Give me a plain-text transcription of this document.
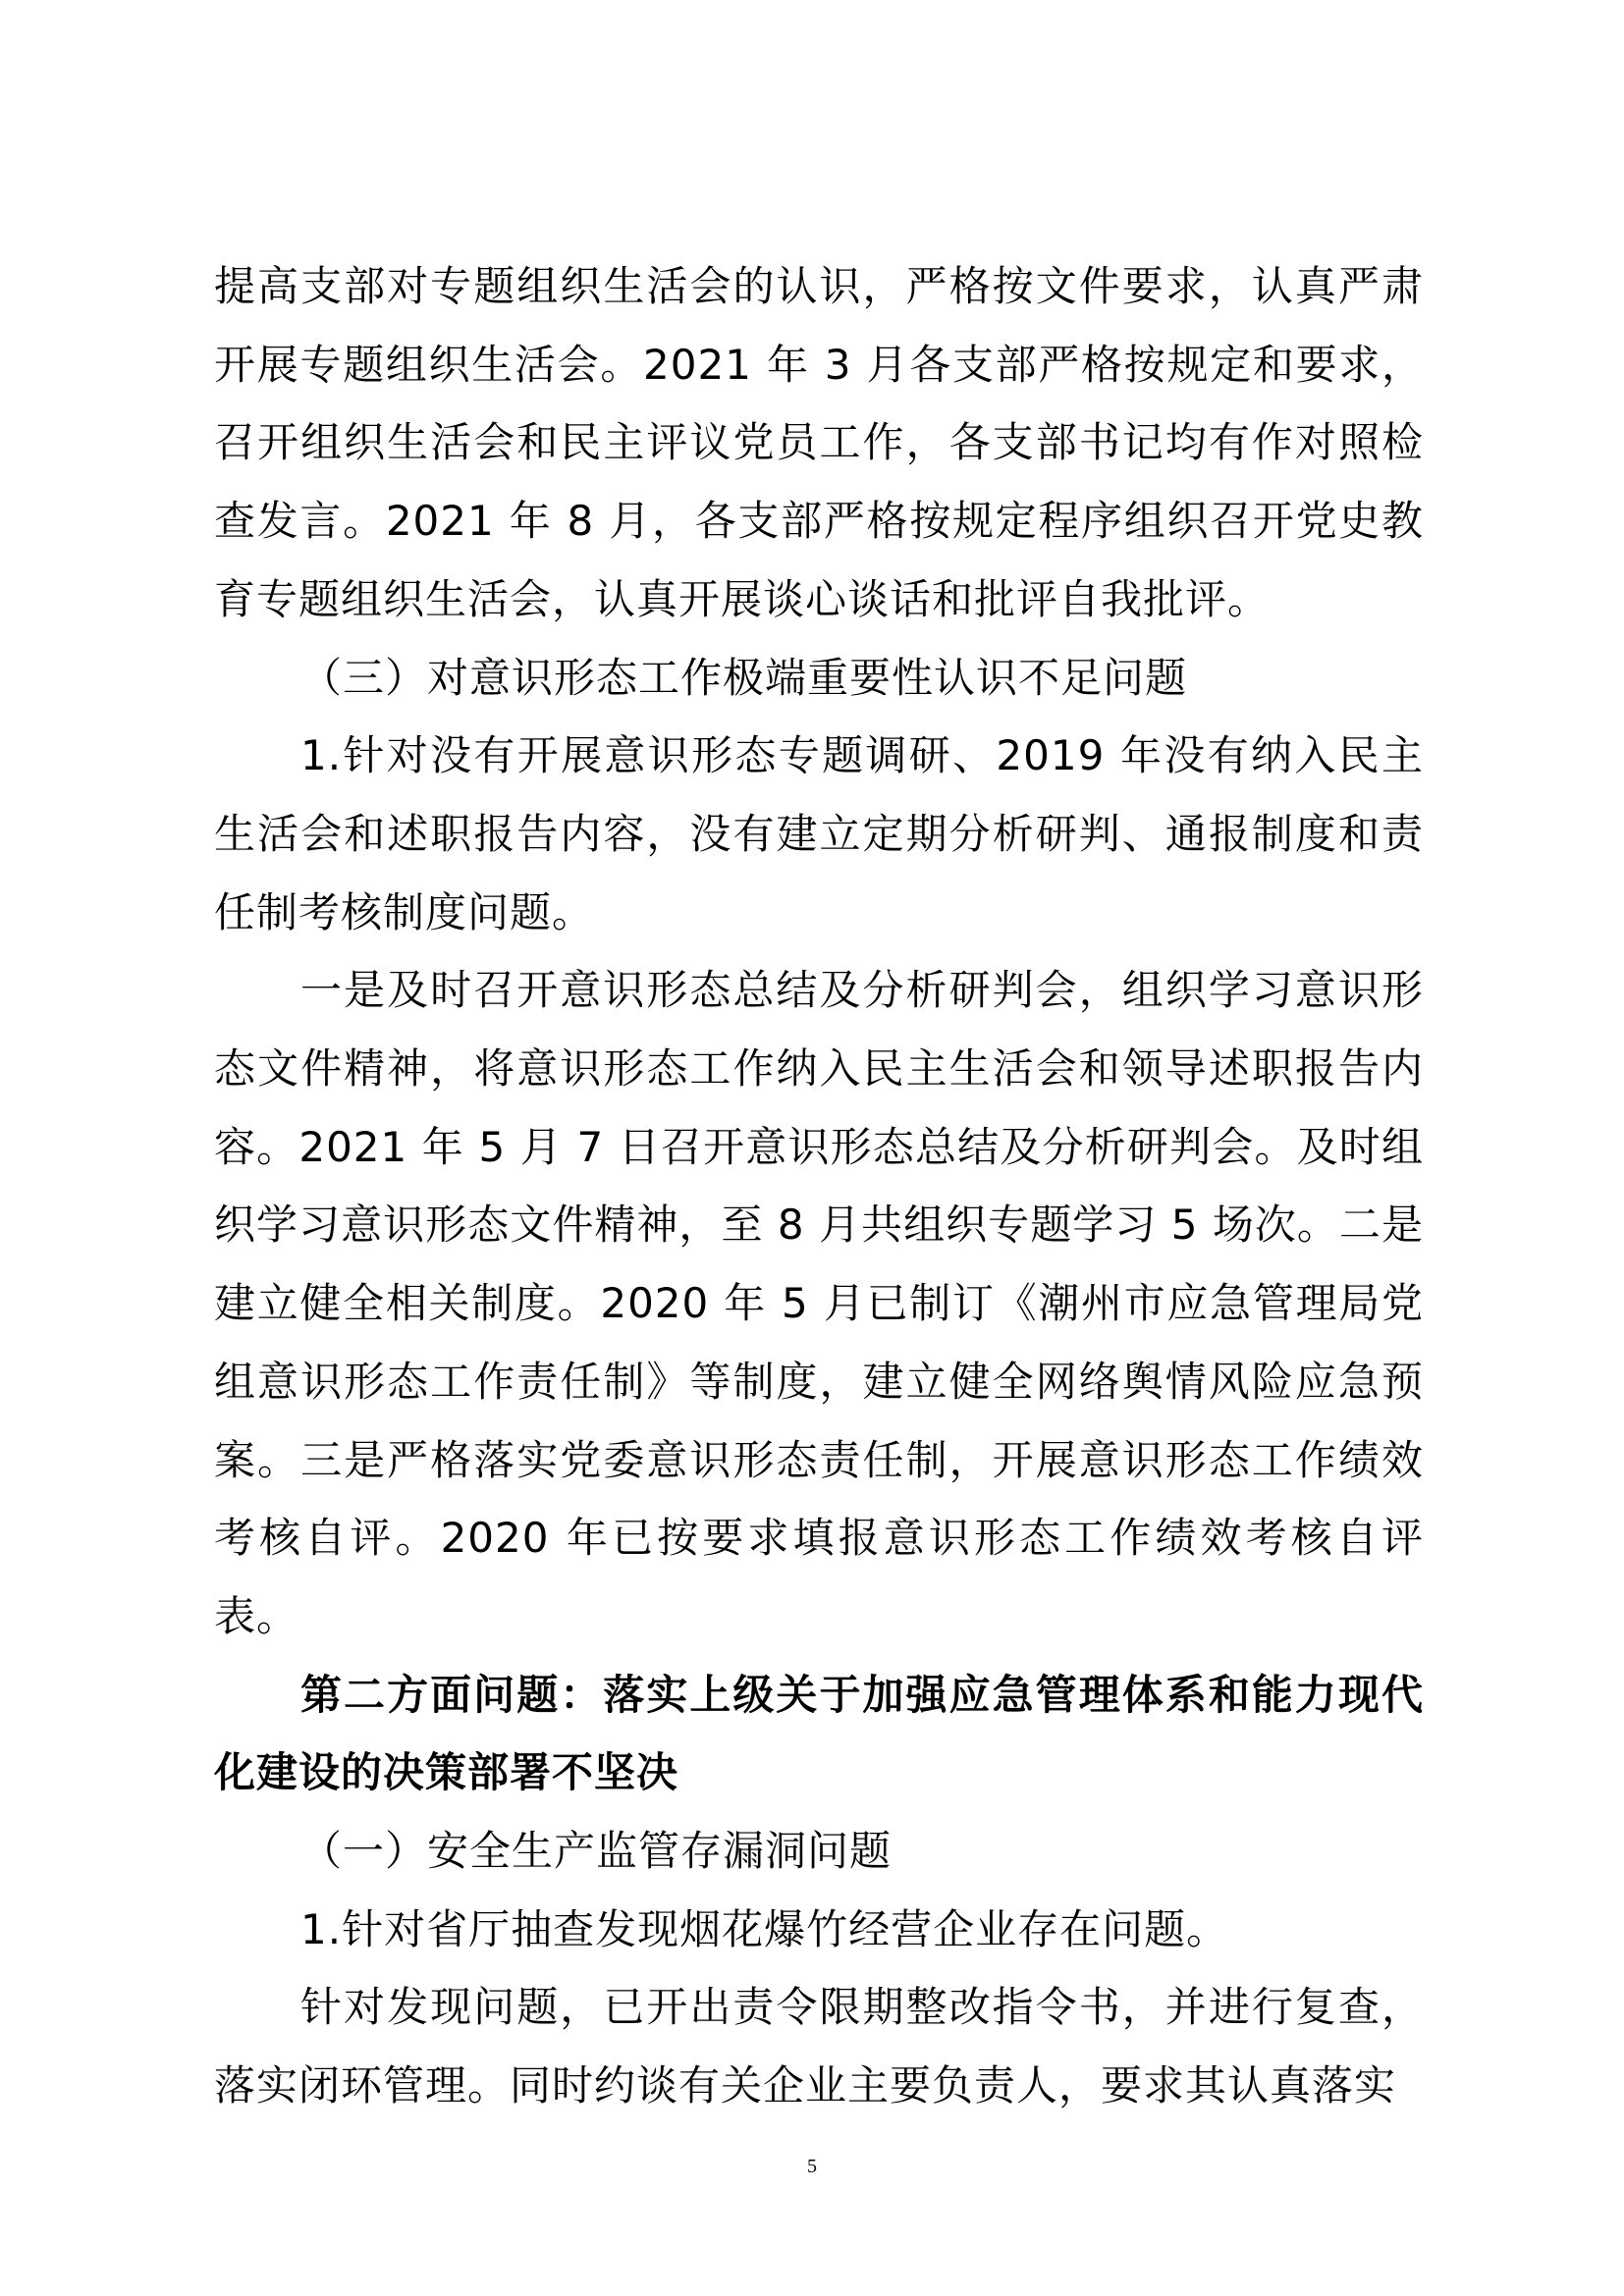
提高支部对专题组织生活会的认识，严格按文件要求，认真严肃开展专题组织生活会。2021 年 3 月各支部严格按规定和要求，召开组织生活会和民主评议党员工作，各支部书记均有作对照检查发言。2021 年 8 月，各支部严格按规定程序组织召开党史教育专题组织生活会，认真开展谈心谈话和批评自我批评。

（三）对意识形态工作极端重要性认识不足问题

1.针对没有开展意识形态专题调研、2019 年没有纳入民主生活会和述职报告内容，没有建立定期分析研判、通报制度和责任制考核制度问题。

一是及时召开意识形态总结及分析研判会，组织学习意识形态文件精神，将意识形态工作纳入民主生活会和领导述职报告内容。2021 年 5 月 7 日召开意识形态总结及分析研判会。及时组织学习意识形态文件精神，至 8 月共组织专题学习 5 场次。二是建立健全相关制度。2020 年 5 月已制订《潮州市应急管理局党组意识形态工作责任制》等制度，建立健全网络舆情风险应急预案。三是严格落实党委意识形态责任制，开展意识形态工作绩效考核自评。2020 年已按要求填报意识形态工作绩效考核自评表。

第二方面问题：落实上级关于加强应急管理体系和能力现代化建设的决策部署不坚决

（一）安全生产监管存漏洞问题

1.针对省厅抽查发现烟花爆竹经营企业存在问题。

针对发现问题，已开出责令限期整改指令书，并进行复查，落实闭环管理。同时约谈有关企业主要负责人，要求其认真落实

5
